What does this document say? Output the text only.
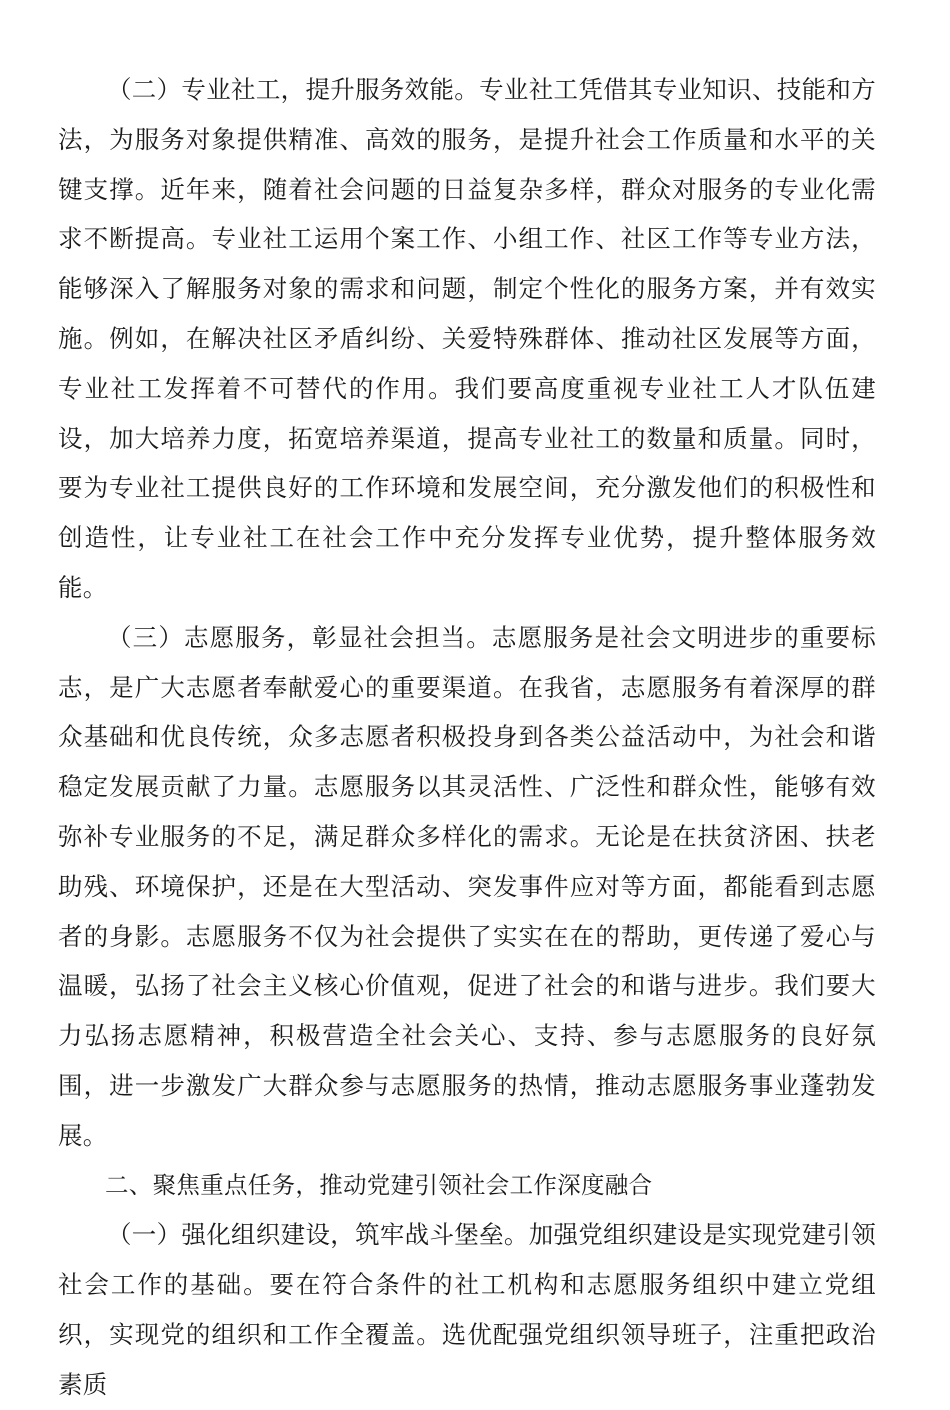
（二）专业社工，提升服务效能。专业社工凭借其专业知识、技能和方法，为服务对象提供精准、高效的服务，是提升社会工作质量和水平的关键支撑。近年来，随着社会问题的日益复杂多样，群众对服务的专业化需求不断提高。专业社工运用个案工作、小组工作、社区工作等专业方法，能够深入了解服务对象的需求和问题，制定个性化的服务方案，并有效实施。例如，在解决社区矛盾纠纷、关爱特殊群体、推动社区发展等方面，专业社工发挥着不可替代的作用。我们要高度重视专业社工人才队伍建设，加大培养力度，拓宽培养渠道，提高专业社工的数量和质量。同时，要为专业社工提供良好的工作环境和发展空间，充分激发他们的积极性和创造性，让专业社工在社会工作中充分发挥专业优势，提升整体服务效能。

（三）志愿服务，彰显社会担当。志愿服务是社会文明进步的重要标志，是广大志愿者奉献爱心的重要渠道。在我省，志愿服务有着深厚的群众基础和优良传统，众多志愿者积极投身到各类公益活动中，为社会和谐稳定发展贡献了力量。志愿服务以其灵活性、广泛性和群众性，能够有效弥补专业服务的不足，满足群众多样化的需求。无论是在扶贫济困、扶老助残、环境保护，还是在大型活动、突发事件应对等方面，都能看到志愿者的身影。志愿服务不仅为社会提供了实实在在的帮助，更传递了爱心与温暖，弘扬了社会主义核心价值观，促进了社会的和谐与进步。我们要大力弘扬志愿精神，积极营造全社会关心、支持、参与志愿服务的良好氛围，进一步激发广大群众参与志愿服务的热情，推动志愿服务事业蓬勃发展。

二、聚焦重点任务，推动党建引领社会工作深度融合

（一）强化组织建设，筑牢战斗堡垒。加强党组织建设是实现党建引领社会工作的基础。要在符合条件的社工机构和志愿服务组织中建立党组织，实现党的组织和工作全覆盖。选优配强党组织领导班子，注重把政治素质
